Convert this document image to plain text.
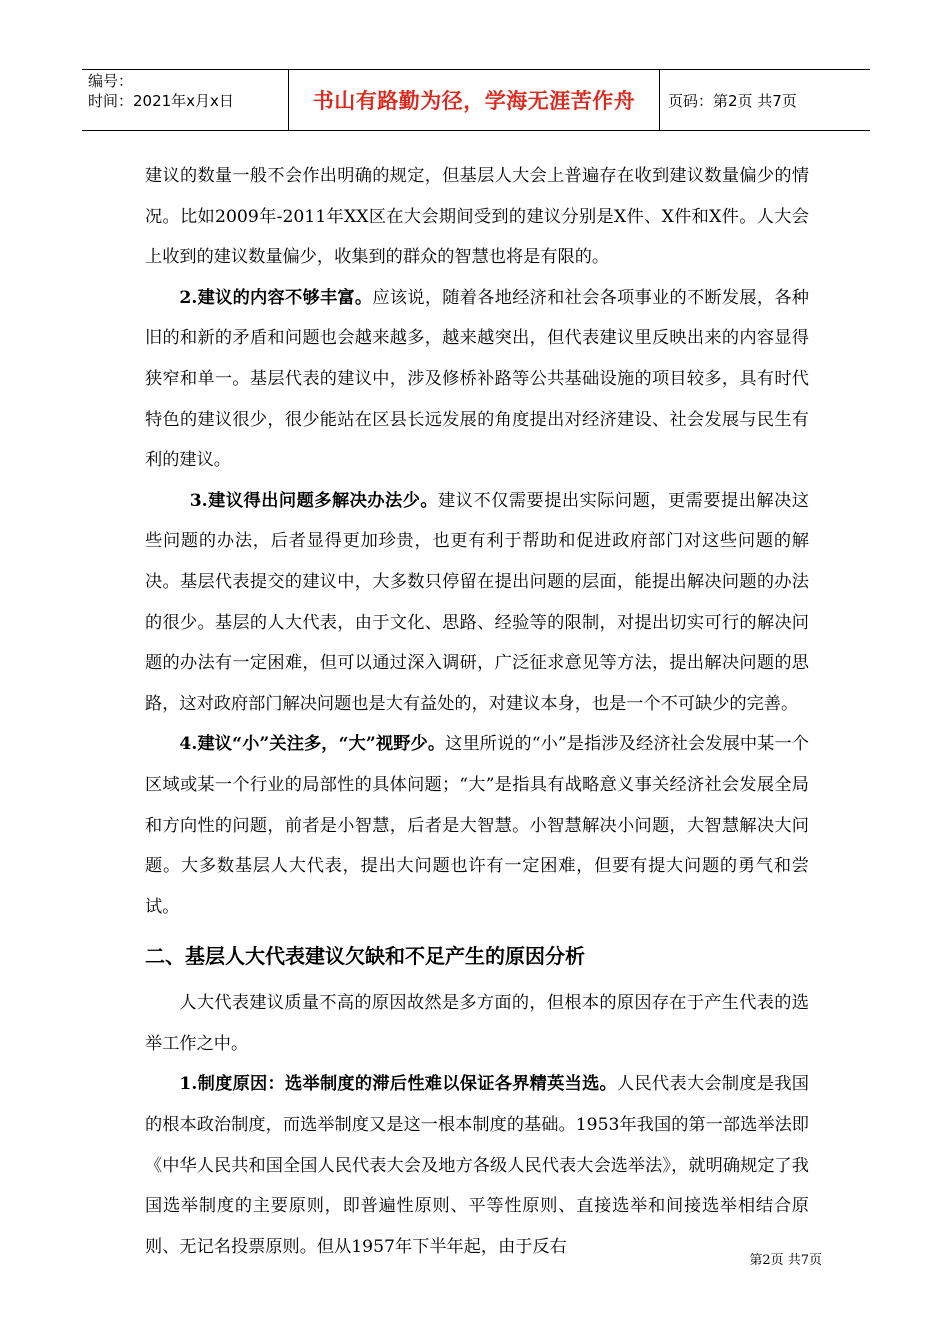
编号：
时间：2021年x月x日	书山有路勤为径，学海无涯苦作舟	页码：第2页 共7页

建议的数量一般不会作出明确的规定，但基层人大会上普遍存在收到建议数量偏少的情况。比如2009年-2011年XX区在大会期间受到的建议分别是X件、X件和X件。人大会上收到的建议数量偏少，收集到的群众的智慧也将是有限的。

2.建议的内容不够丰富。应该说，随着各地经济和社会各项事业的不断发展，各种旧的和新的矛盾和问题也会越来越多，越来越突出，但代表建议里反映出来的内容显得狭窄和单一。基层代表的建议中，涉及修桥补路等公共基础设施的项目较多，具有时代特色的建议很少，很少能站在区县长远发展的角度提出对经济建设、社会发展与民生有利的建议。

3.建议得出问题多解决办法少。建议不仅需要提出实际问题，更需要提出解决这些问题的办法，后者显得更加珍贵，也更有利于帮助和促进政府部门对这些问题的解决。基层代表提交的建议中，大多数只停留在提出问题的层面，能提出解决问题的办法的很少。基层的人大代表，由于文化、思路、经验等的限制，对提出切实可行的解决问题的办法有一定困难，但可以通过深入调研，广泛征求意见等方法，提出解决问题的思路，这对政府部门解决问题也是大有益处的，对建议本身，也是一个不可缺少的完善。

4.建议“小”关注多，“大”视野少。这里所说的“小”是指涉及经济社会发展中某一个区域或某一个行业的局部性的具体问题；“大”是指具有战略意义事关经济社会发展全局和方向性的问题，前者是小智慧，后者是大智慧。小智慧解决小问题，大智慧解决大问题。大多数基层人大代表，提出大问题也许有一定困难，但要有提大问题的勇气和尝试。

二、基层人大代表建议欠缺和不足产生的原因分析

人大代表建议质量不高的原因故然是多方面的，但根本的原因存在于产生代表的选举工作之中。

1.制度原因：选举制度的滞后性难以保证各界精英当选。人民代表大会制度是我国的根本政治制度，而选举制度又是这一根本制度的基础。1953年我国的第一部选举法即《中华人民共和国全国人民代表大会及地方各级人民代表大会选举法》，就明确规定了我国选举制度的主要原则，即普遍性原则、平等性原则、直接选举和间接选举相结合原则、无记名投票原则。但从1957年下半年起，由于反右

第2页 共7页
